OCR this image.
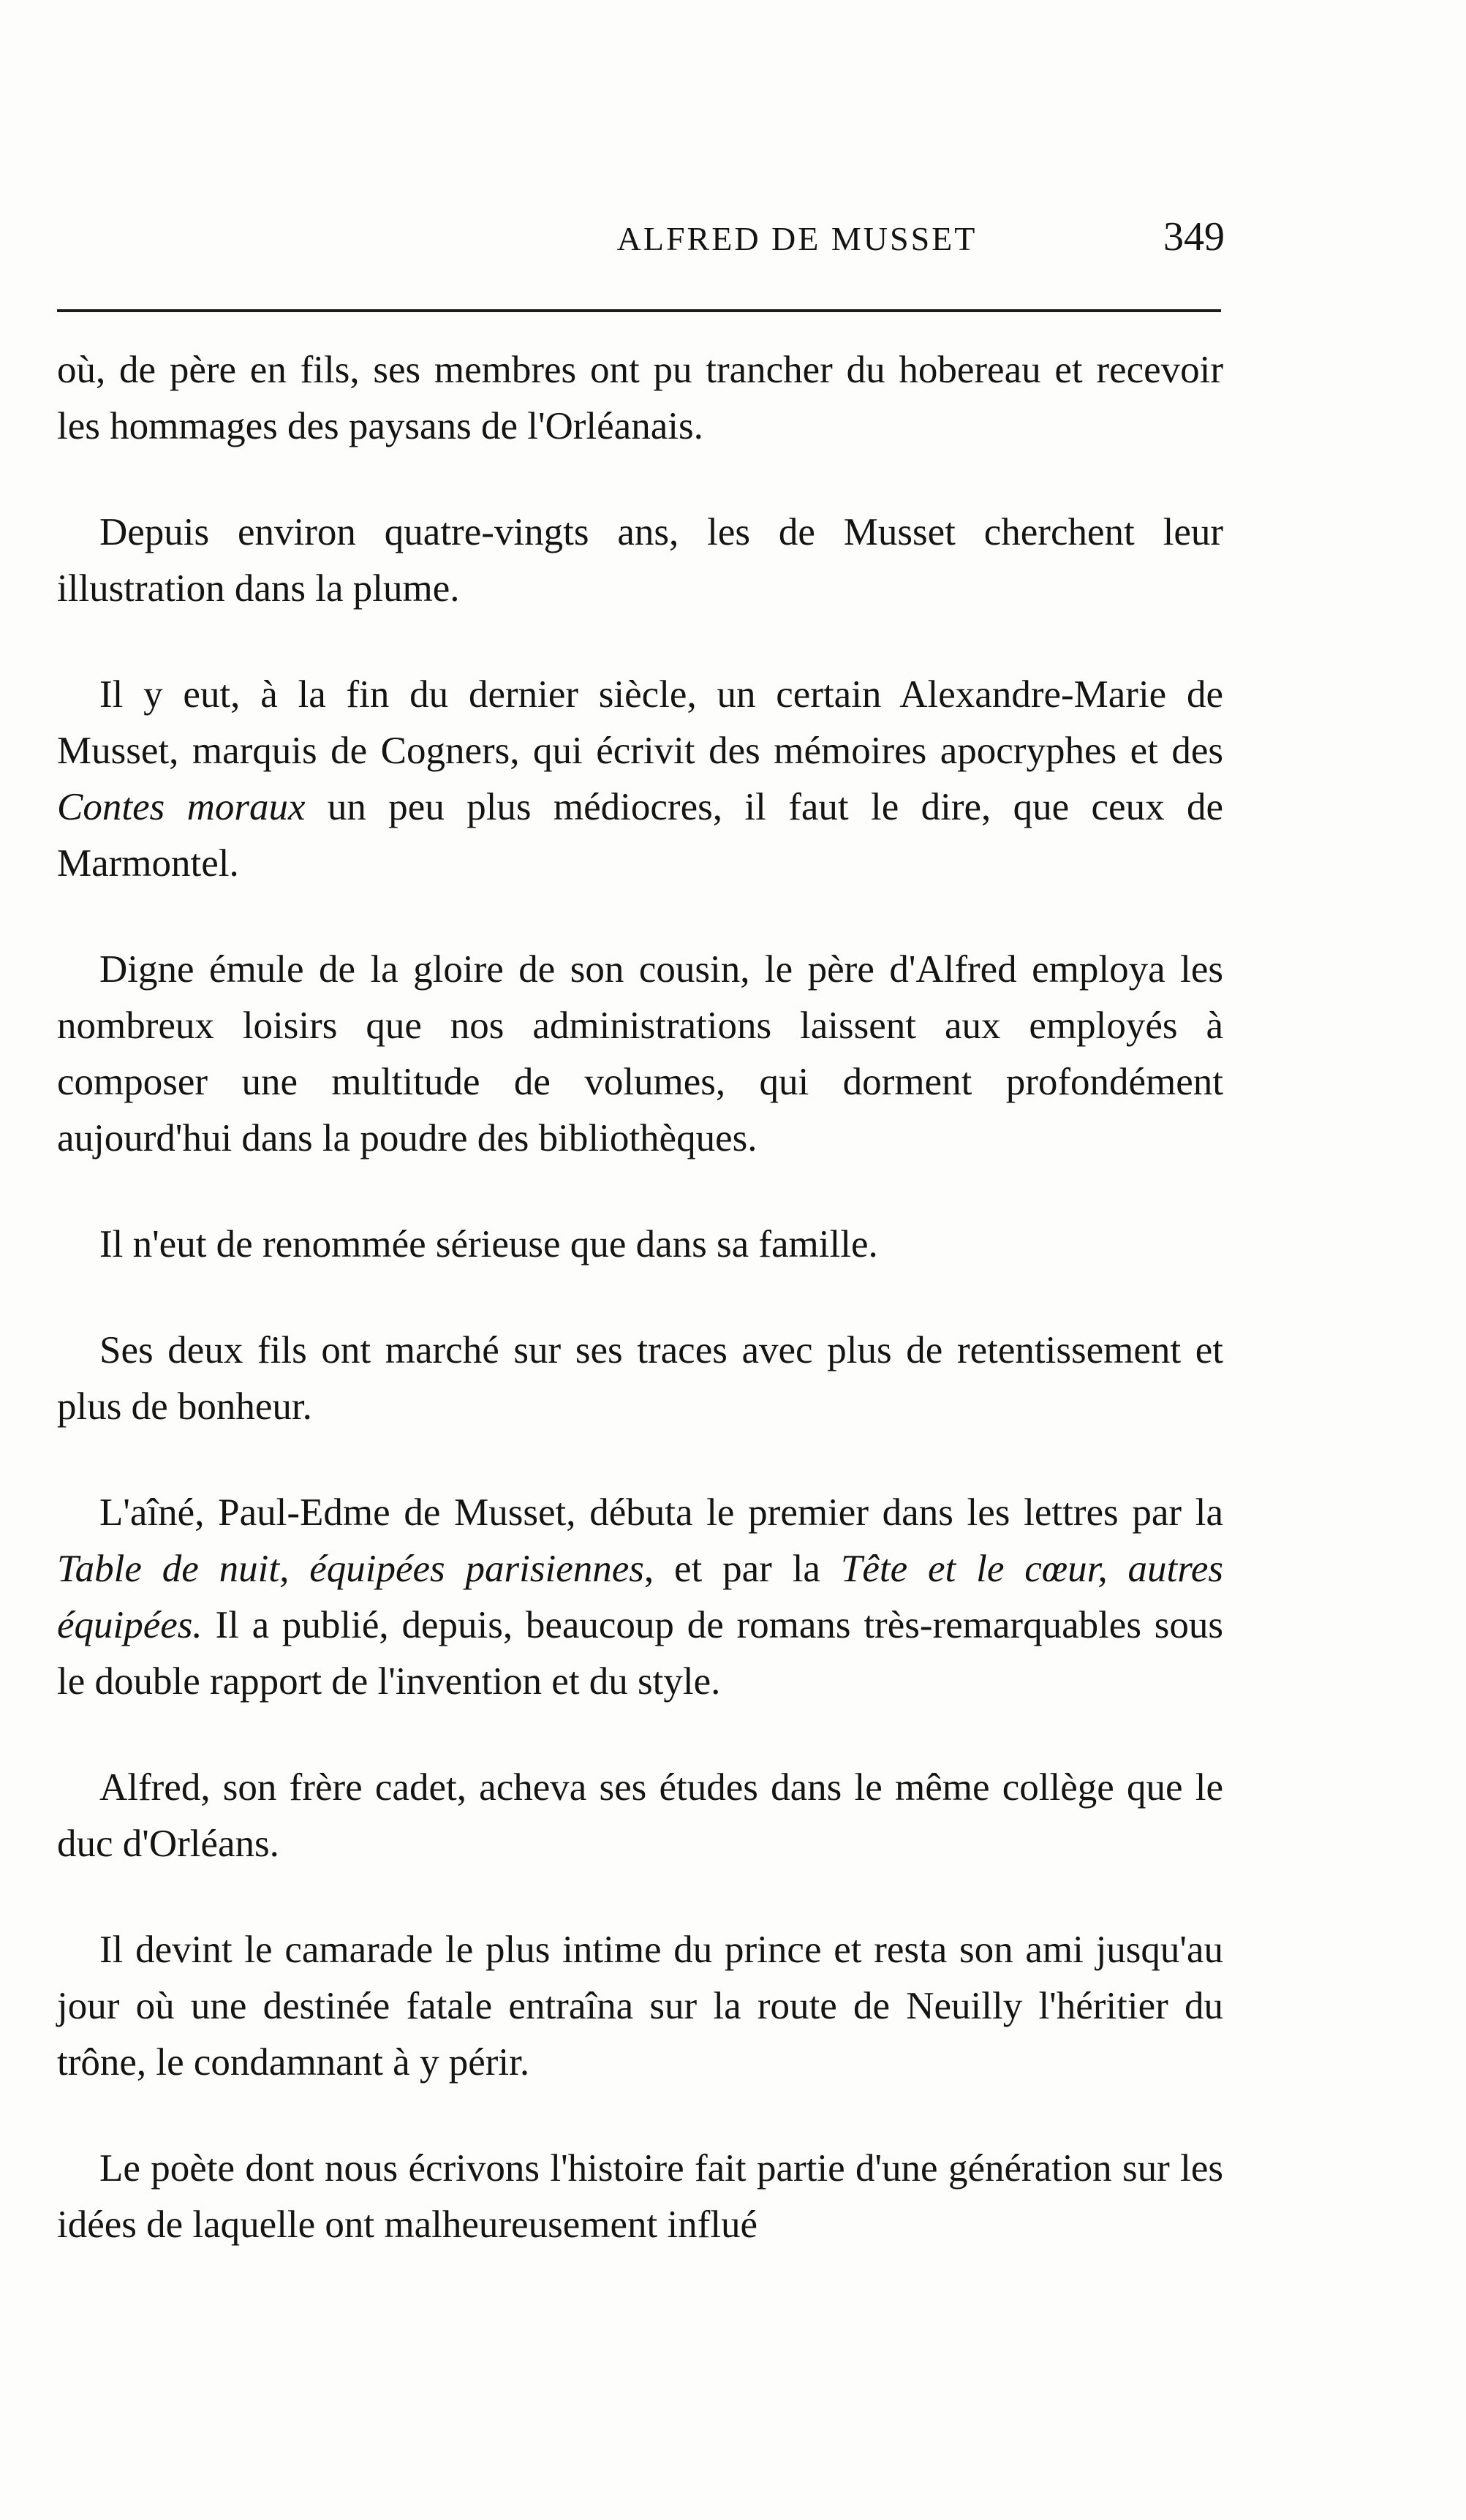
ALFRED DE MUSSET	349

où, de père en fils, ses membres ont pu trancher du hobereau et recevoir les hommages des paysans de l'Orléanais.

Depuis environ quatre-vingts ans, les de Musset cherchent leur illustration dans la plume.

Il y eut, à la fin du dernier siècle, un certain Alexandre-Marie de Musset, marquis de Cogners, qui écrivit des mémoires apocryphes et des Contes moraux un peu plus médiocres, il faut le dire, que ceux de Marmontel.

Digne émule de la gloire de son cousin, le père d'Alfred employa les nombreux loisirs que nos administrations laissent aux employés à composer une multitude de volumes, qui dorment profondément aujourd'hui dans la poudre des bibliothèques.

Il n'eut de renommée sérieuse que dans sa famille.

Ses deux fils ont marché sur ses traces avec plus de retentissement et plus de bonheur.

L'aîné, Paul-Edme de Musset, débuta le premier dans les lettres par la Table de nuit, équipées parisiennes, et par la Tête et le cœur, autres équipées. Il a publié, depuis, beaucoup de romans très-remarquables sous le double rapport de l'invention et du style.

Alfred, son frère cadet, acheva ses études dans le même collège que le duc d'Orléans.

Il devint le camarade le plus intime du prince et resta son ami jusqu'au jour où une destinée fatale entraîna sur la route de Neuilly l'héritier du trône, le condamnant à y périr.

Le poète dont nous écrivons l'histoire fait partie d'une génération sur les idées de laquelle ont malheureusement influé
